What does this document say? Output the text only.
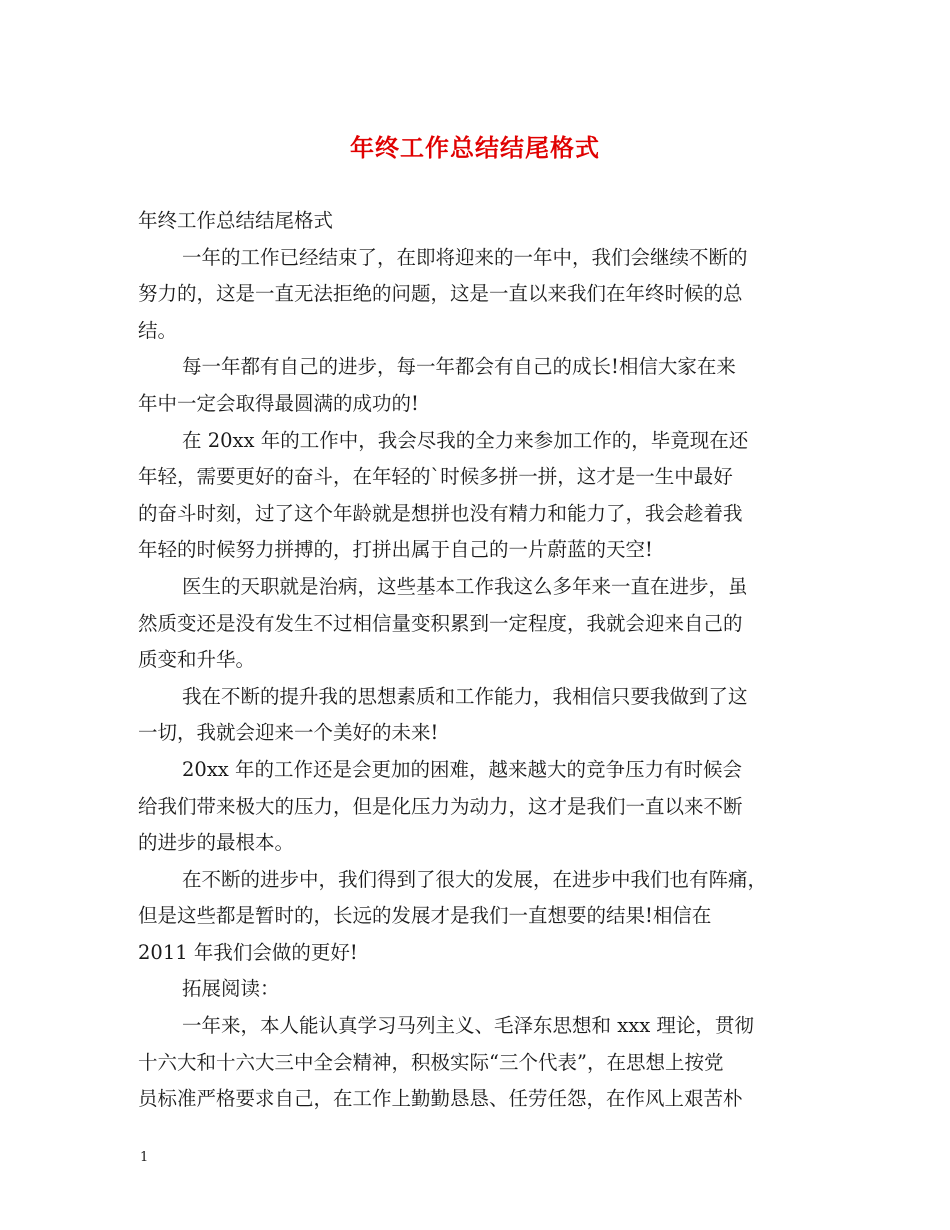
年终工作总结结尾格式
年终工作总结结尾格式
一年的工作已经结束了，在即将迎来的一年中，我们会继续不断的
努力的，这是一直无法拒绝的问题，这是一直以来我们在年终时候的总
结。
每一年都有自己的进步，每一年都会有自己的成长!相信大家在来
年中一定会取得最圆满的成功的!
在 20xx 年的工作中，我会尽我的全力来参加工作的，毕竟现在还
年轻，需要更好的奋斗，在年轻的`时候多拼一拼，这才是一生中最好
的奋斗时刻，过了这个年龄就是想拼也没有精力和能力了，我会趁着我
年轻的时候努力拼搏的，打拼出属于自己的一片蔚蓝的天空!
医生的天职就是治病，这些基本工作我这么多年来一直在进步，虽
然质变还是没有发生不过相信量变积累到一定程度，我就会迎来自己的
质变和升华。
我在不断的提升我的思想素质和工作能力，我相信只要我做到了这
一切，我就会迎来一个美好的未来!
20xx 年的工作还是会更加的困难，越来越大的竞争压力有时候会
给我们带来极大的压力，但是化压力为动力，这才是我们一直以来不断
的进步的最根本。
在不断的进步中，我们得到了很大的发展，在进步中我们也有阵痛，
但是这些都是暂时的，长远的发展才是我们一直想要的结果!相信在
2011 年我们会做的更好!
拓展阅读：
一年来，本人能认真学习马列主义、毛泽东思想和 xxx 理论，贯彻
十六大和十六大三中全会精神，积极实际“三个代表”，在思想上按党
员标准严格要求自己，在工作上勤勤恳恳、任劳任怨，在作风上艰苦朴
1
